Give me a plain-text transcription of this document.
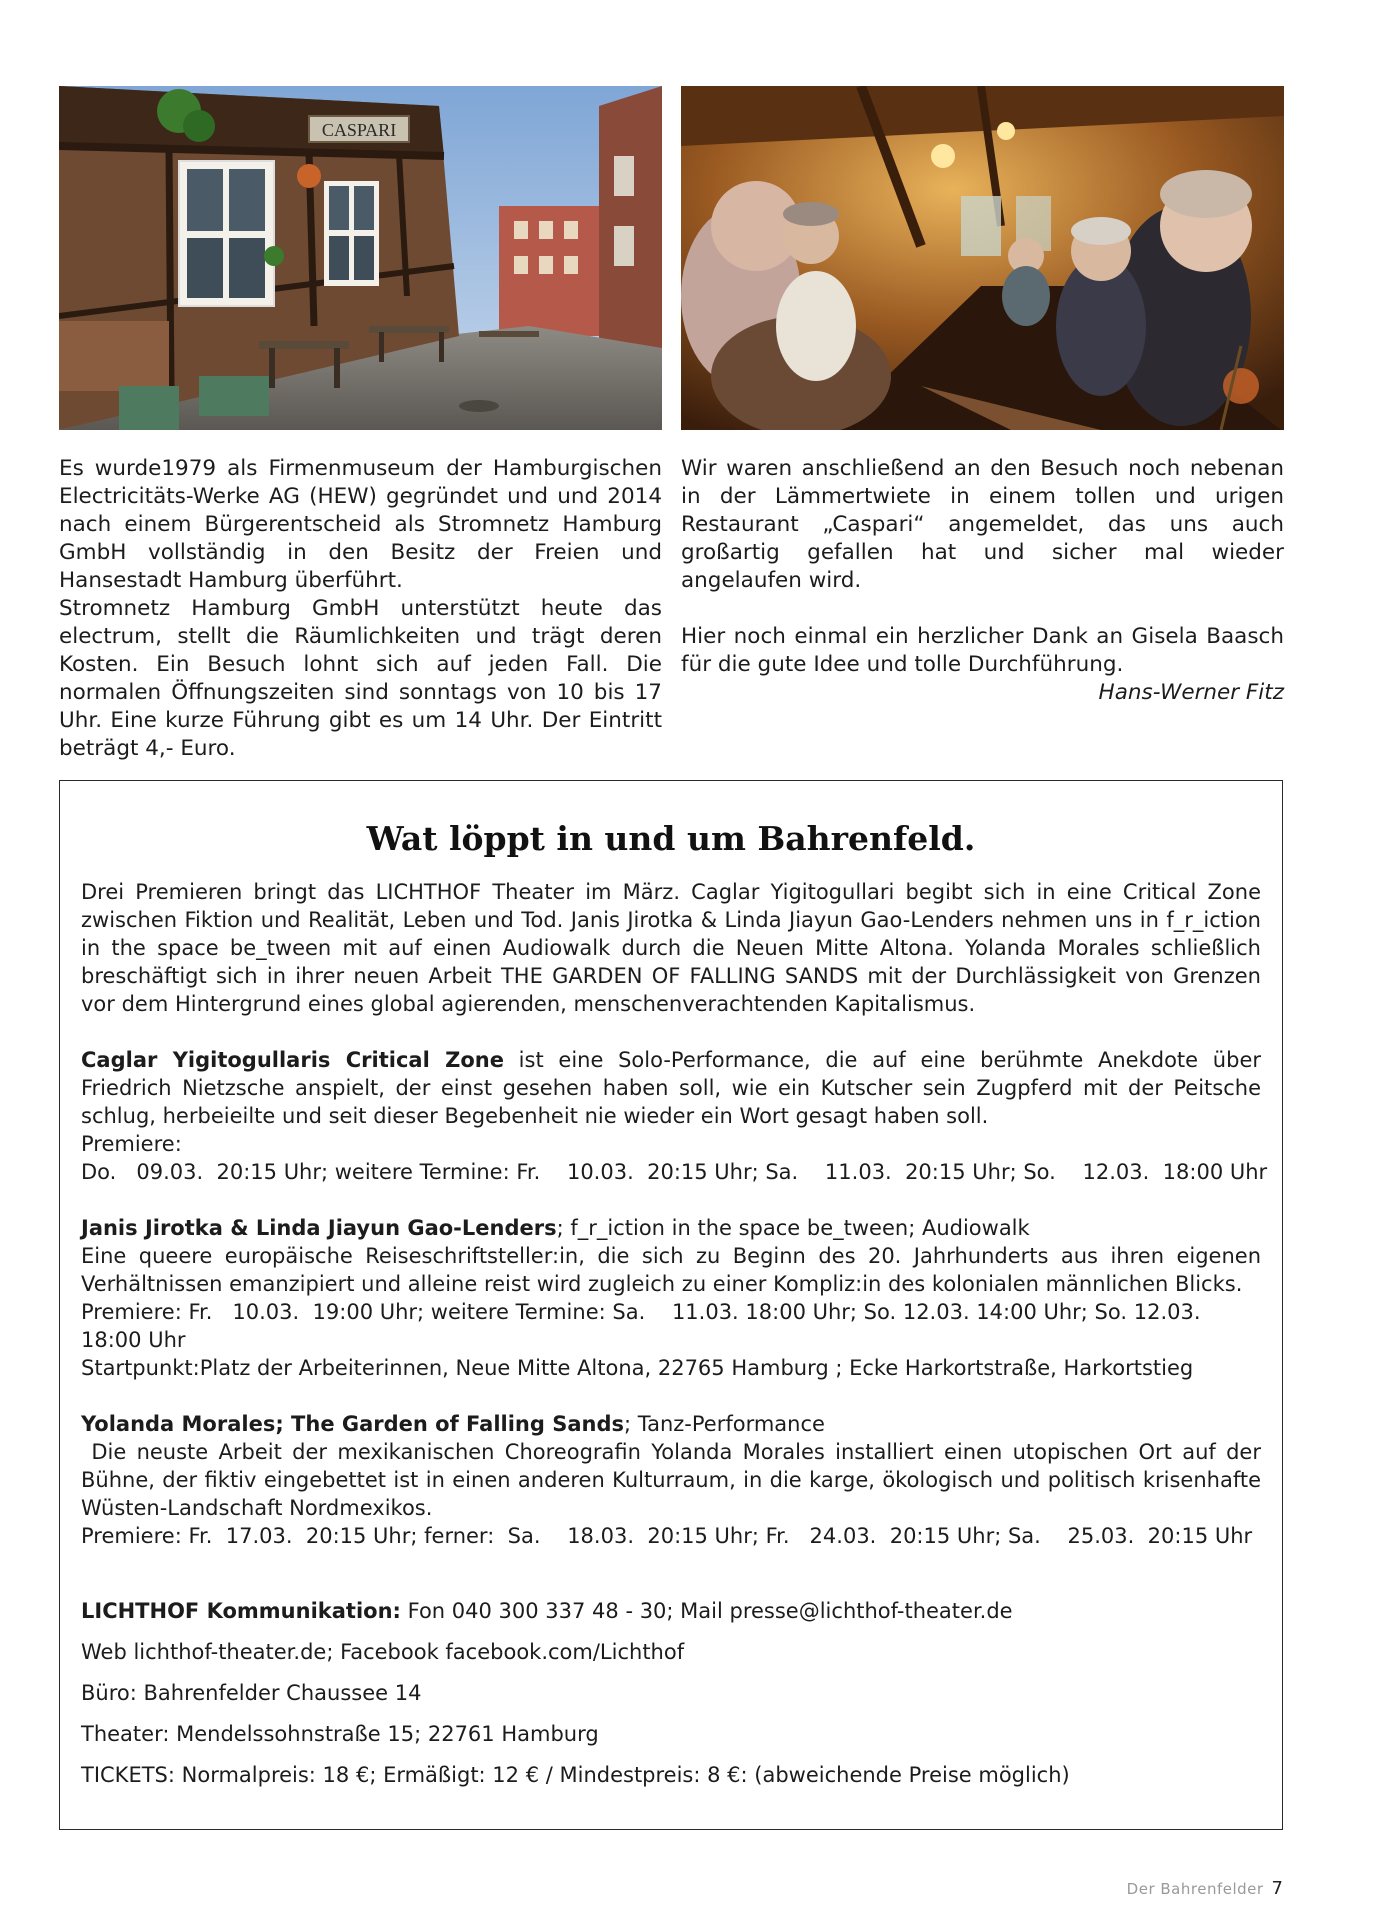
CASPARI

Es wurde1979 als Firmenmuseum der Hamburgischen Electricitäts-Werke AG (HEW) gegründet und und 2014 nach einem Bürgerentscheid als Stromnetz Hamburg GmbH vollständig in den Besitz der Freien und Hansestadt Hamburg überführt.

Stromnetz Hamburg GmbH unterstützt heute das electrum, stellt die Räumlichkeiten und trägt deren Kosten. Ein Besuch lohnt sich auf jeden Fall. Die normalen Öffnungszeiten sind sonntags von 10 bis 17 Uhr. Eine kurze Führung gibt es um 14 Uhr. Der Eintritt beträgt 4,- Euro.

Wir waren anschließend an den Besuch noch nebenan in der Lämmertwiete in einem tollen und urigen Restaurant „Caspari“ angemeldet, das uns auch großartig gefallen hat und sicher mal wieder angelaufen wird.

Hier noch einmal ein herzlicher Dank an Gisela Baasch für die gute Idee und tolle Durchführung.

Hans-Werner Fitz

Wat löppt in und um Bahrenfeld.

Drei Premieren bringt das LICHTHOF Theater im März. Caglar Yigitogullari begibt sich in eine Critical Zone zwischen Fiktion und Realität, Leben und Tod. Janis Jirotka & Linda Jiayun Gao-Lenders nehmen uns in f_r_iction in the space be_tween mit auf einen Audiowalk durch die Neuen Mitte Altona. Yolanda Morales schließlich breschäftigt sich in ihrer neuen Arbeit THE GARDEN OF FALLING SANDS mit der Durchlässigkeit von Grenzen vor dem Hintergrund eines global agierenden, menschenverachtenden Kapitalismus.

Caglar Yigitogullaris Critical Zone ist eine Solo-Performance, die auf eine berühmte Anekdote über Friedrich Nietzsche anspielt, der einst gesehen haben soll, wie ein Kutscher sein Zugpferd mit der Peitsche schlug, herbeieilte und seit dieser Begebenheit nie wieder ein Wort gesagt haben soll.

Premiere:

Do.   09.03.  20:15 Uhr; weitere Termine: Fr.    10.03.  20:15 Uhr; Sa.    11.03.  20:15 Uhr; So.    12.03.  18:00 Uhr

Janis Jirotka & Linda Jiayun Gao-Lenders; f_r_iction in the space be_tween; Audiowalk

Eine queere europäische Reiseschriftsteller:in, die sich zu Beginn des 20. Jahrhunderts aus ihren eigenen Verhältnissen emanzipiert und alleine reist wird zugleich zu einer Kompliz:in des kolonialen männlichen Blicks.

Premiere: Fr.   10.03.  19:00 Uhr; weitere Termine: Sa.    11.03. 18:00 Uhr; So. 12.03. 14:00 Uhr; So. 12.03.  18:00 Uhr

Startpunkt:Platz der Arbeiterinnen, Neue Mitte Altona, 22765 Hamburg ; Ecke Harkortstraße, Harkortstieg

Yolanda Morales; The Garden of Falling Sands; Tanz-Performance

Die neuste Arbeit der mexikanischen Choreografin Yolanda Morales installiert einen utopischen Ort auf der Bühne, der fiktiv eingebettet ist in einen anderen Kulturraum, in die karge, ökologisch und politisch krisenhafte Wüsten-Landschaft Nordmexikos.

Premiere: Fr.  17.03.  20:15 Uhr; ferner:  Sa.    18.03.  20:15 Uhr; Fr.   24.03.  20:15 Uhr; Sa.    25.03.  20:15 Uhr

LICHTHOF Kommunikation: Fon 040 300 337 48 - 30; Mail presse@lichthof-theater.de

Web lichthof-theater.de; Facebook facebook.com/Lichthof

Büro: Bahrenfelder Chaussee 14

Theater: Mendelssohnstraße 15; 22761 Hamburg

TICKETS: Normalpreis: 18 €; Ermäßigt: 12 € / Mindestpreis: 8 €: (abweichende Preise möglich)

Der Bahrenfelder 7
